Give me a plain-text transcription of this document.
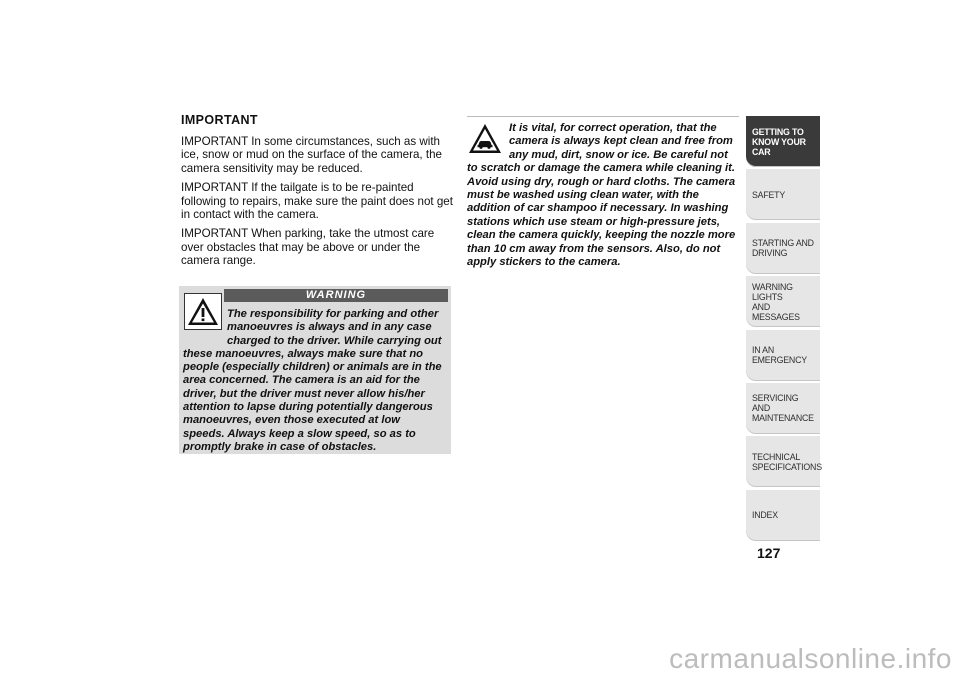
IMPORTANT

IMPORTANT In some circumstances, such as with ice, snow or mud on the surface of the camera, the camera sensitivity may be reduced.

IMPORTANT If the tailgate is to be re-painted following to repairs, make sure the paint does not get in contact with the camera.

IMPORTANT When parking, take the utmost care over obstacles that may be above or under the camera range.

WARNING

The responsibility for parking and other manoeuvres is always and in any case charged to the driver. While carrying out these manoeuvres, always make sure that no people (especially children) or animals are in the area concerned. The camera is an aid for the driver, but the driver must never allow his/her attention to lapse during potentially dangerous manoeuvres, even those executed at low speeds. Always keep a slow speed, so as to promptly brake in case of obstacles.

It is vital, for correct operation, that the camera is always kept clean and free from any mud, dirt, snow or ice. Be careful not to scratch or damage the camera while cleaning it. Avoid using dry, rough or hard cloths. The camera must be washed using clean water, with the addition of car shampoo if necessary. In washing stations which use steam or high-pressure jets, clean the camera quickly, keeping the nozzle more than 10 cm away from the sensors. Also, do not apply stickers to the camera.

GETTING TO
KNOW YOUR CAR
SAFETY
STARTING AND
DRIVING
WARNING LIGHTS
AND MESSAGES
IN AN EMERGENCY
SERVICING AND
MAINTENANCE
TECHNICAL
SPECIFICATIONS
INDEX
127
carmanualsonline.info
